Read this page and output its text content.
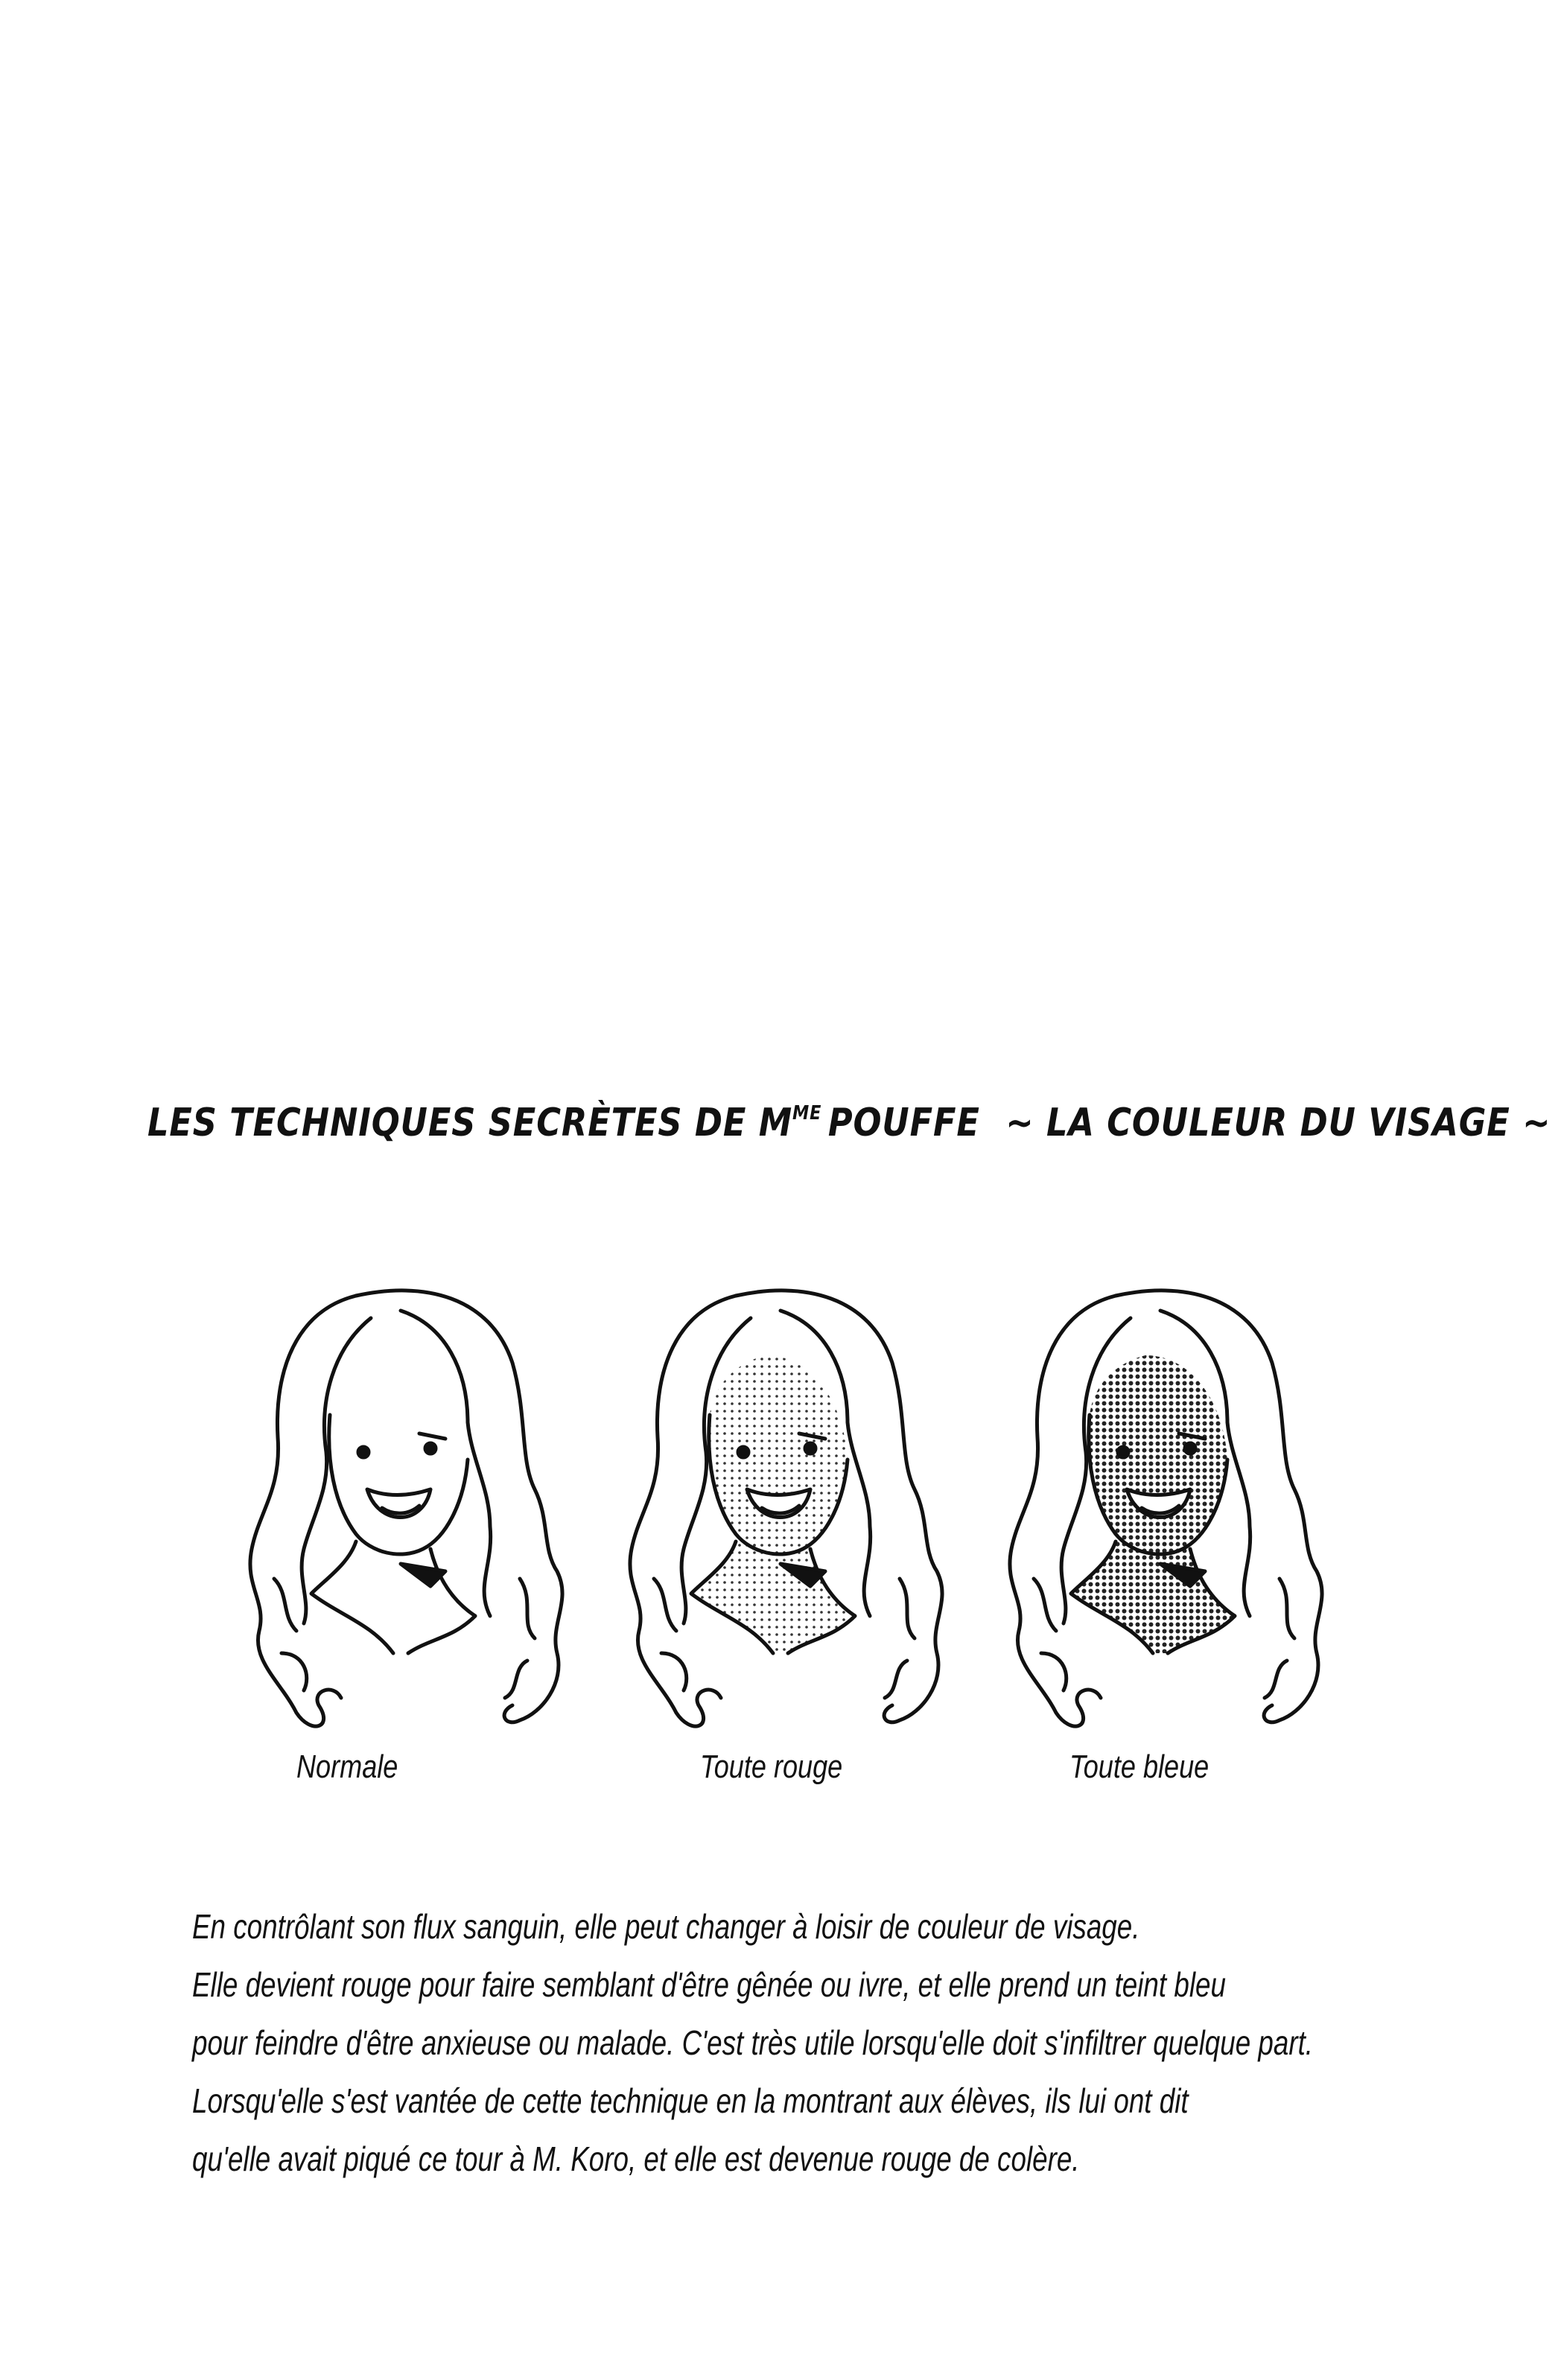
LES TECHNIQUES SECRÈTES DE $M^{ME}$ POUFFE ~ LA COULEUR DU VISAGE ~
Normale	Toute rouge	Toute bleue
En contrôlant son flux sanguin, elle peut changer à loisir de couleur de visage.
Elle devient rouge pour faire semblant d'être gênée ou ivre, et elle prend un teint bleu
pour feindre d'être anxieuse ou malade. C'est très utile lorsqu'elle doit s'infiltrer quelque part.
Lorsqu'elle s'est vantée de cette technique en la montrant aux élèves, ils lui ont dit
qu'elle avait piqué ce tour à M. Koro, et elle est devenue rouge de colère.
